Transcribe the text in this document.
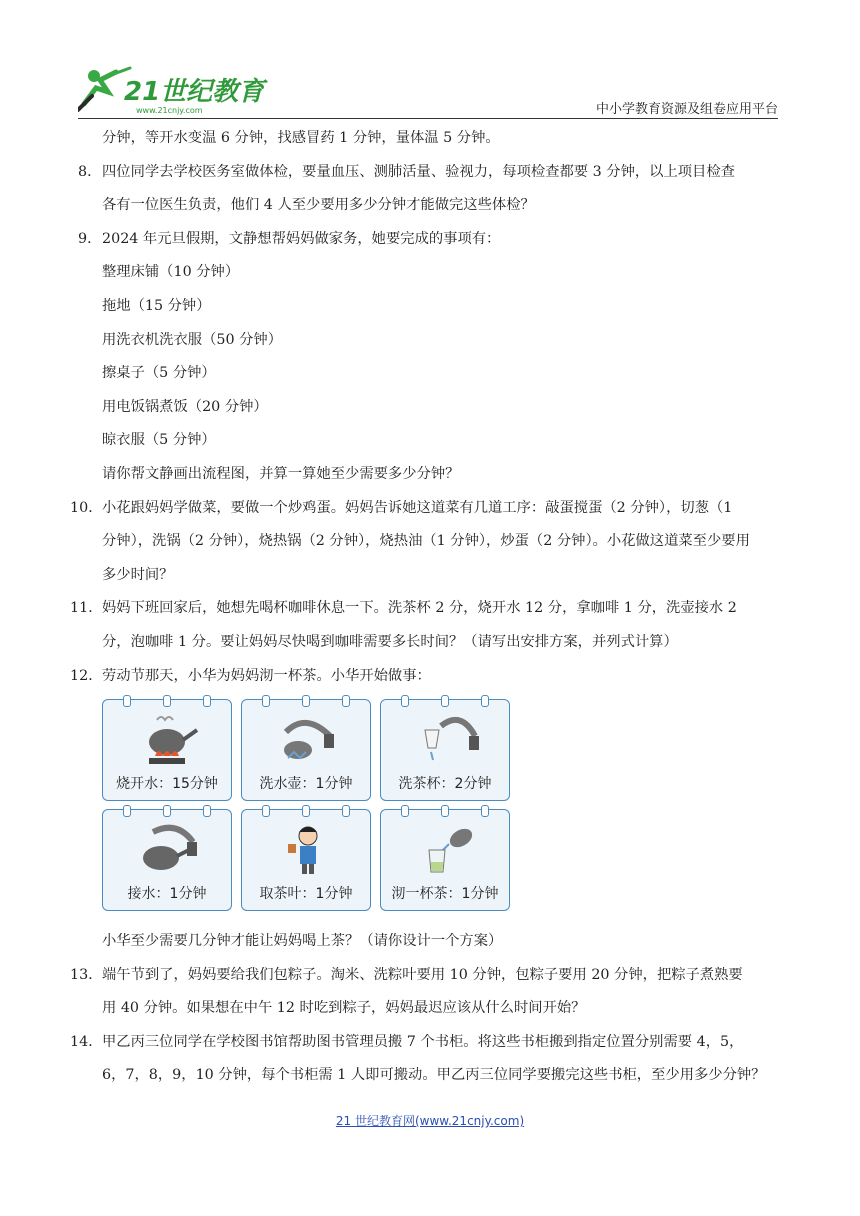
21世纪教育
www.21cnjy.com	中小学教育资源及组卷应用平台
分钟，等开水变温 6 分钟，找感冒药 1 分钟，量体温 5 分钟。
8．四位同学去学校医务室做体检，要量血压、测肺活量、验视力，每项检查都要 3 分钟，以上项目检查
各有一位医生负责，他们 4 人至少要用多少分钟才能做完这些体检？
9．2024 年元旦假期，文静想帮妈妈做家务，她要完成的事项有：
整理床铺（10 分钟）
拖地（15 分钟）
用洗衣机洗衣服（50 分钟）
擦桌子（5 分钟）
用电饭锅煮饭（20 分钟）
晾衣服（5 分钟）
请你帮文静画出流程图，并算一算她至少需要多少分钟？
10．小花跟妈妈学做菜，要做一个炒鸡蛋。妈妈告诉她这道菜有几道工序：敲蛋搅蛋（2 分钟），切葱（1
分钟），洗锅（2 分钟），烧热锅（2 分钟），烧热油（1 分钟），炒蛋（2 分钟）。小花做这道菜至少要用
多少时间？
11．妈妈下班回家后，她想先喝杯咖啡休息一下。洗茶杯 2 分，烧开水 12 分，拿咖啡 1 分，洗壶接水 2
分，泡咖啡 1 分。要让妈妈尽快喝到咖啡需要多长时间？（请写出安排方案，并列式计算）
12．劳动节那天，小华为妈妈沏一杯茶。小华开始做事：
烧开水：15分钟	洗水壶：1分钟	洗茶杯：2分钟
接水：1分钟	取茶叶：1分钟	沏一杯茶：1分钟
小华至少需要几分钟才能让妈妈喝上茶？（请你设计一个方案）
13．端午节到了，妈妈要给我们包粽子。淘米、洗粽叶要用 10 分钟，包粽子要用 20 分钟，把粽子煮熟要
用 40 分钟。如果想在中午 12 时吃到粽子，妈妈最迟应该从什么时间开始？
14．甲乙丙三位同学在学校图书馆帮助图书管理员搬 7 个书柜。将这些书柜搬到指定位置分别需要 4，5，
6，7，8，9，10 分钟，每个书柜需 1 人即可搬动。甲乙丙三位同学要搬完这些书柜，至少用多少分钟？
21 世纪教育网(www.21cnjy.com)
